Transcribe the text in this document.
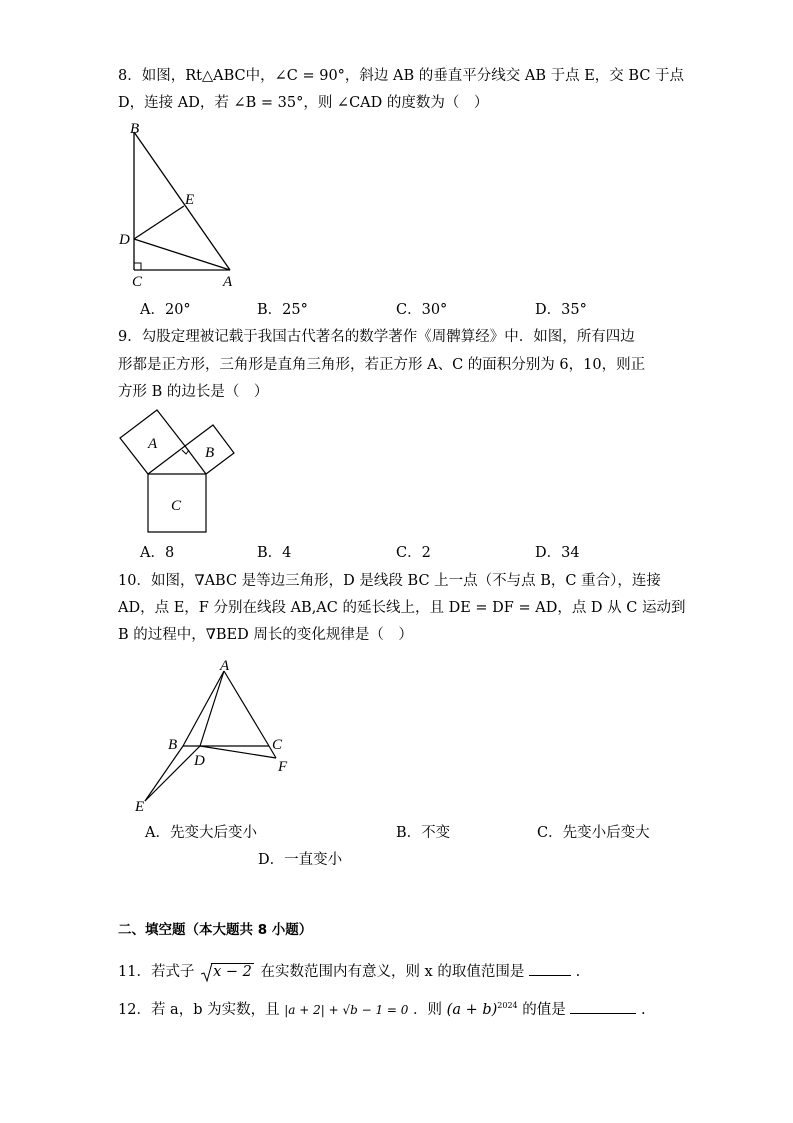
8．如图，Rt△ABC中，∠C = 90°，斜边 AB 的垂直平分线交 AB 于点 E，交 BC 于点
D，连接 AD，若 ∠B = 35°，则 ∠CAD 的度数为（　）
B
E
D
C	A
A．20°	B．25°	C．30°	D．35°
9．勾股定理被记载于我国古代著名的数学著作《周髀算经》中．如图，所有四边
形都是正方形，三角形是直角三角形，若正方形 A、C 的面积分别为 6，10，则正
方形 B 的边长是（　）
A
B
C
A．8	B．4	C．2	D．34
10．如图，∇ABC 是等边三角形，D 是线段 BC 上一点（不与点 B，C 重合），连接
AD，点 E，F 分别在线段 AB,AC 的延长线上，且 DE = DF = AD，点 D 从 C 运动到
B 的过程中，∇BED 周长的变化规律是（　）
A
B	C
D	F
E
A．先变大后变小	B．不变	C．先变小后变大
D．一直变小
二、填空题（本大题共 8 小题）
11．若式子 x − 2 在实数范围内有意义，则 x 的取值范围是	.
12．若 a，b 为实数，且 |a + 2| + √b − 1 = 0 ．则 $(a + b)^{2024}$ 的值是	.
